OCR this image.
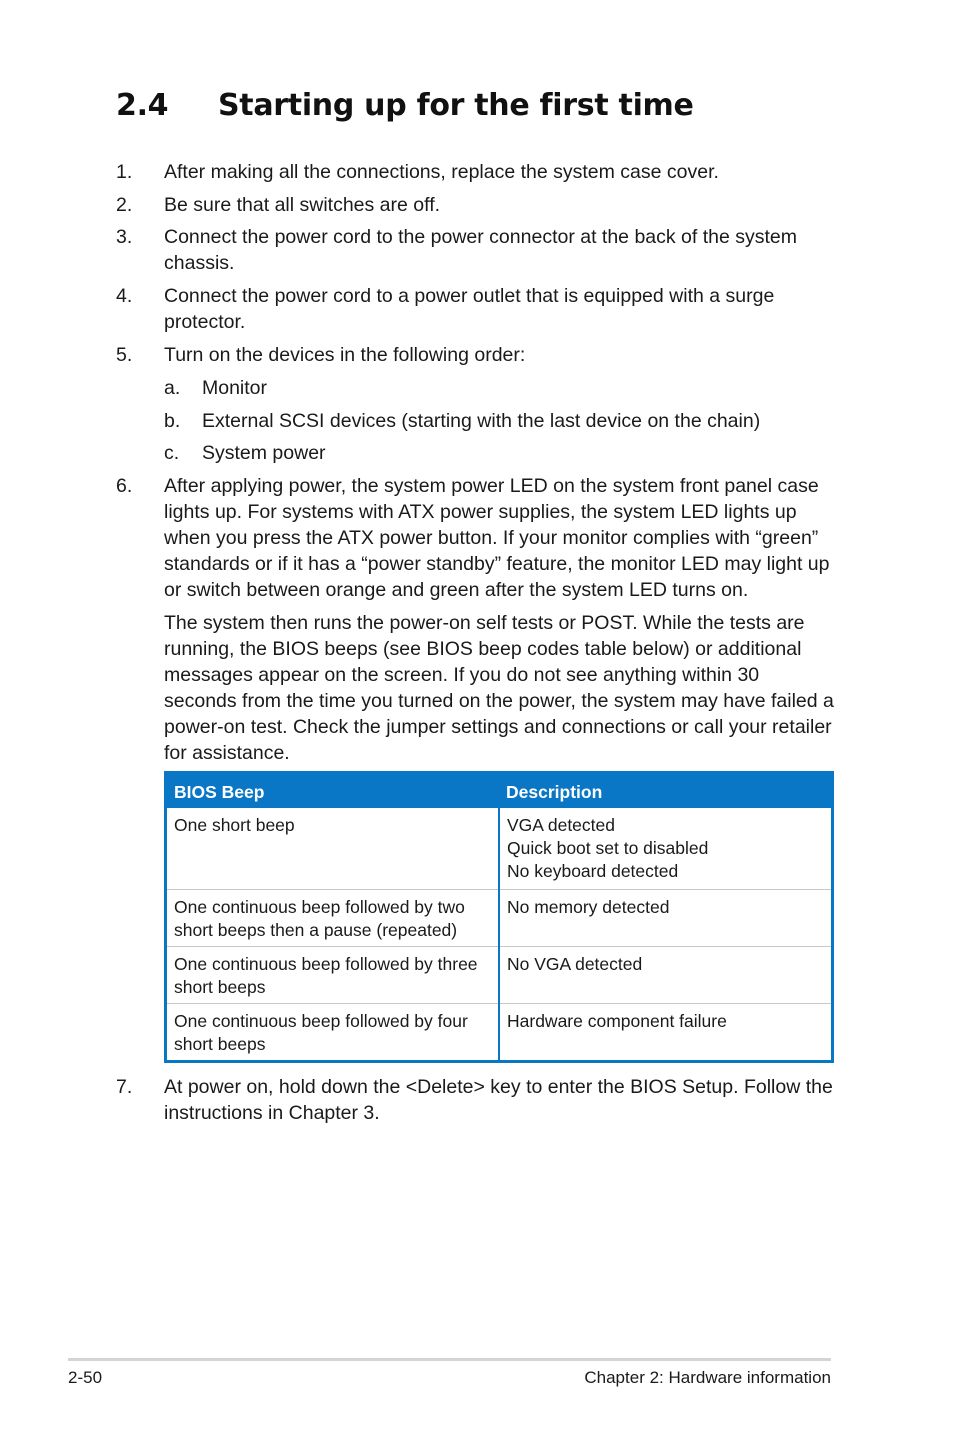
2.4 Starting up for the first time
1. After making all the connections, replace the system case cover.
2. Be sure that all switches are off.
3. Connect the power cord to the power connector at the back of the system chassis.
4. Connect the power cord to a power outlet that is equipped with a surge protector.
5. Turn on the devices in the following order:
a. Monitor
b. External SCSI devices (starting with the last device on the chain)
c. System power
6. After applying power, the system power LED on the system front panel case lights up. For systems with ATX power supplies, the system LED lights up when you press the ATX power button. If your monitor complies with “green” standards or if it has a “power standby” feature, the monitor LED may light up or switch between orange and green after the system LED turns on.
The system then runs the power-on self tests or POST. While the tests are running, the BIOS beeps (see BIOS beep codes table below) or additional messages appear on the screen. If you do not see anything within 30 seconds from the time you turned on the power, the system may have failed a power-on test. Check the jumper settings and connections or call your retailer for assistance.
BIOS Beep	Description
One short beep	VGA detected
Quick boot set to disabled
No keyboard detected

One continuous beep followed by two short beeps then a pause (repeated)	No memory detected

One continuous beep followed by three short beeps	No VGA detected

One continuous beep followed by four short beeps	Hardware component failure
7. At power on, hold down the <Delete> key to enter the BIOS Setup. Follow the instructions in Chapter 3.
2-50	Chapter 2: Hardware information
